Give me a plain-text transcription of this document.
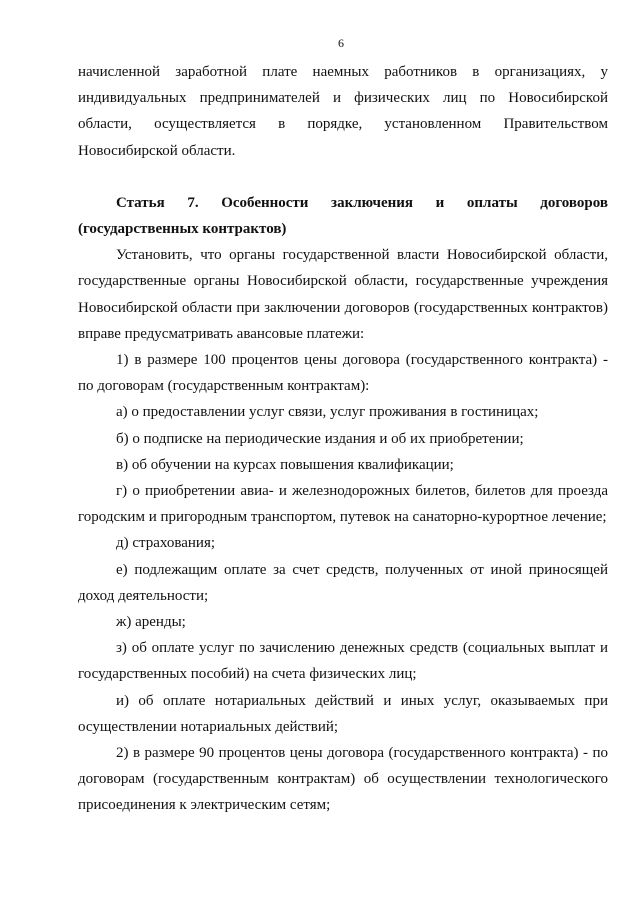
6

начисленной заработной плате наемных работников в организациях, у индивидуальных предпринимателей и физических лиц по Новосибирской области, осуществляется в порядке, установленном Правительством Новосибирской области.

Статья 7. Особенности заключения и оплаты договоров (государственных контрактов)

Установить, что органы государственной власти Новосибирской области, государственные органы Новосибирской области, государственные учреждения Новосибирской области при заключении договоров (государственных контрактов) вправе предусматривать авансовые платежи:

1) в размере 100 процентов цены договора (государственного контракта) - по договорам (государственным контрактам):

а) о предоставлении услуг связи, услуг проживания в гостиницах;

б) о подписке на периодические издания и об их приобретении;

в) об обучении на курсах повышения квалификации;

г) о приобретении авиа- и железнодорожных билетов, билетов для проезда городским и пригородным транспортом, путевок на санаторно-курортное лечение;

д) страхования;

е) подлежащим оплате за счет средств, полученных от иной приносящей доход деятельности;

ж) аренды;

з) об оплате услуг по зачислению денежных средств (социальных выплат и государственных пособий) на счета физических лиц;

и) об оплате нотариальных действий и иных услуг, оказываемых при осуществлении нотариальных действий;

2) в размере 90 процентов цены договора (государственного контракта) - по договорам (государственным контрактам) об осуществлении технологического присоединения к электрическим сетям;
